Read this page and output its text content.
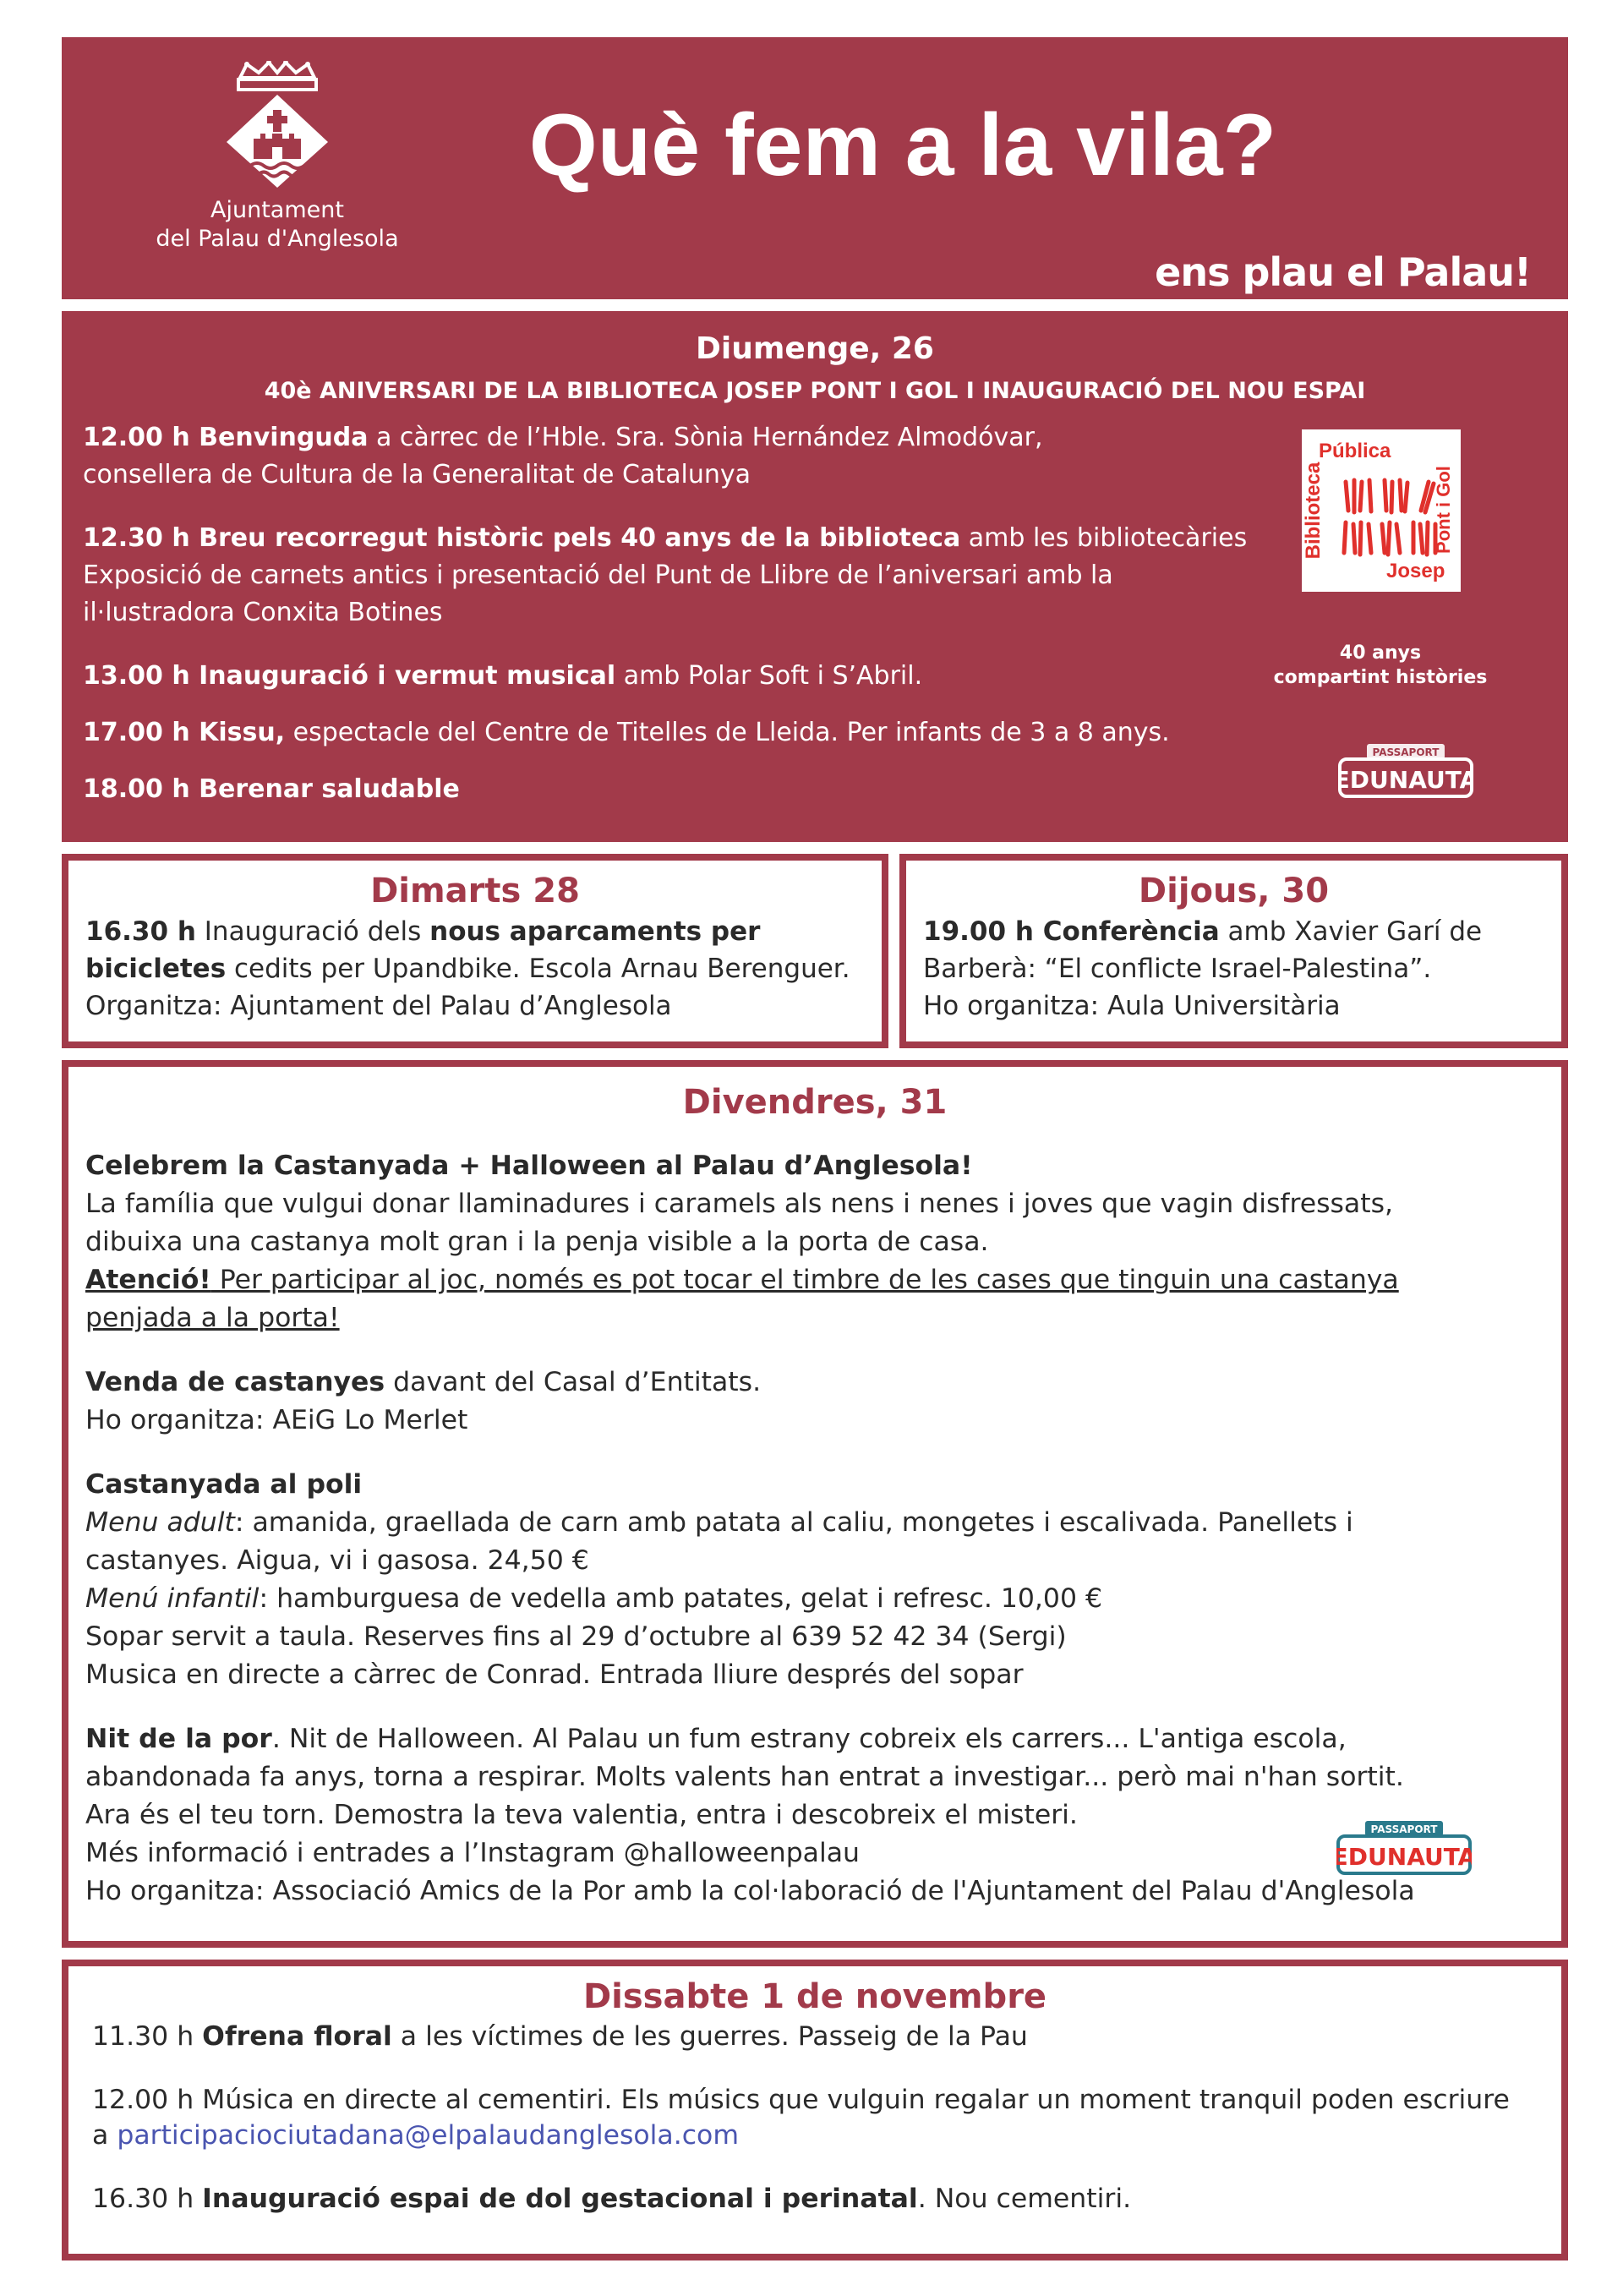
Ajuntament
del Palau d'Anglesola
Què fem a la vila?
ens plau el Palau!
Diumenge, 26
40è ANIVERSARI DE LA BIBLIOTECA JOSEP PONT I GOL I INAUGURACIÓ DEL NOU ESPAI

12.00 h Benvinguda a càrrec de l’Hble. Sra. Sònia Hernández Almodóvar,
consellera de Cultura de la Generalitat de Catalunya

12.30 h Breu recorregut històric pels 40 anys de la biblioteca amb les bibliotecàries
Exposició de carnets antics i presentació del Punt de Llibre de l’aniversari amb la
il·lustradora Conxita Botines

13.00 h Inauguració i vermut musical amb Polar Soft i S’Abril.

17.00 h Kissu, espectacle del Centre de Titelles de Lleida. Per infants de 3 a 8 anys.

18.00 h Berenar saludable

Pública
Biblioteca	Pont i Gol
Josep
40 anys
compartint històries
PASSAPORT
EDUNAUTA
Dimarts 28
16.30 h Inauguració dels nous aparcaments per
bicicletes cedits per Upandbike. Escola Arnau Berenguer.
Organitza: Ajuntament del Palau d’Anglesola
Dijous, 30
19.00 h Conferència amb Xavier Garí de
Barberà: “El conflicte Israel-Palestina”.
Ho organitza: Aula Universitària
Divendres, 31
Celebrem la Castanyada + Halloween al Palau d’Anglesola!
La família que vulgui donar llaminadures i caramels als nens i nenes i joves que vagin disfressats,
dibuixa una castanya molt gran i la penja visible a la porta de casa.
Atenció! Per participar al joc, només es pot tocar el timbre de les cases que tinguin una castanya
penjada a la porta!
Venda de castanyes davant del Casal d’Entitats.
Ho organitza: AEiG Lo Merlet
Castanyada al poli
Menu adult: amanida, graellada de carn amb patata al caliu, mongetes i escalivada. Panellets i
castanyes. Aigua, vi i gasosa. 24,50 €
Menú infantil: hamburguesa de vedella amb patates, gelat i refresc. 10,00 €
Sopar servit a taula. Reserves fins al 29 d’octubre al 639 52 42 34 (Sergi)
Musica en directe a càrrec de Conrad. Entrada lliure després del sopar
Nit de la por. Nit de Halloween. Al Palau un fum estrany cobreix els carrers... L'antiga escola,
abandonada fa anys, torna a respirar. Molts valents han entrat a investigar... però mai n'han sortit.
Ara és el teu torn. Demostra la teva valentia, entra i descobreix el misteri.
Més informació i entrades a l’Instagram @halloweenpalau
Ho organitza: Associació Amics de la Por amb la col·laboració de l'Ajuntament del Palau d'Anglesola
PASSAPORT
EDUNAUTA
Dissabte 1 de novembre

11.30 h Ofrena floral a les víctimes de les guerres. Passeig de la Pau

12.00 h Música en directe al cementiri. Els músics que vulguin regalar un moment tranquil poden escriure
a participaciociutadana@elpalaudanglesola.com

16.30 h Inauguració espai de dol gestacional i perinatal. Nou cementiri.
